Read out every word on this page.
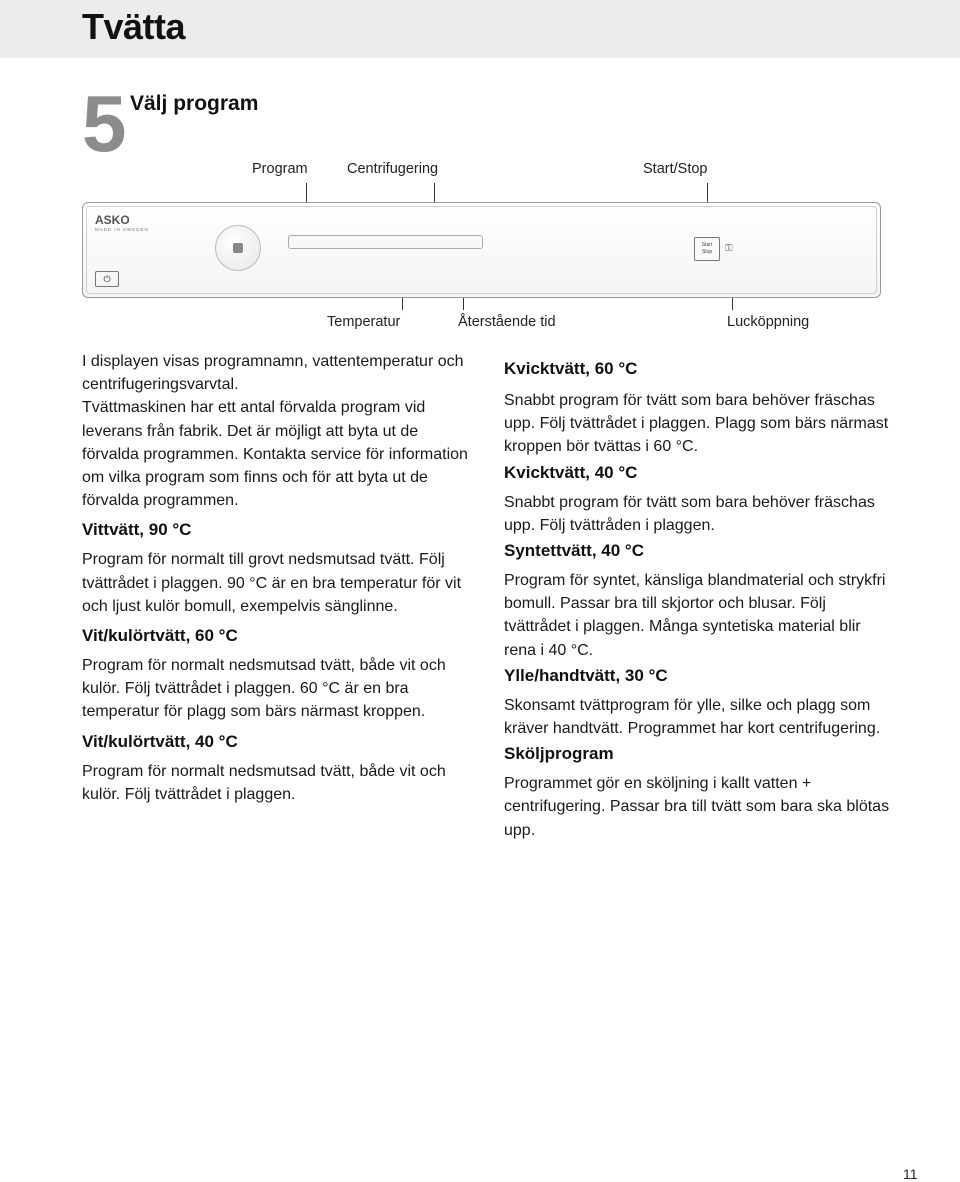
Tvätta
5 Välj program
Program	Centrifugering	Start/Stop
Temperatur	Återstående tid	Lucköppning
ASKO
MADE IN SWEDEN
Start
Stop	⚿
⏻

I displayen visas programnamn, vattentemperatur och centrifugeringsvarvtal.

Tvättmaskinen har ett antal förvalda program vid leverans från fabrik. Det är möjligt att byta ut de förvalda programmen. Kontakta service för information om vilka program som finns och för att byta ut de förvalda programmen.

Vittvätt, 90 °C

Program för normalt till grovt nedsmutsad tvätt. Följ tvättrådet i plaggen. 90 °C är en bra temperatur för vit och ljust kulör bomull, exempelvis sänglinne.

Vit/kulörtvätt, 60 °C

Program för normalt nedsmutsad tvätt, både vit och kulör. Följ tvättrådet i plaggen. 60 °C är en bra temperatur för plagg som bärs närmast kroppen.

Vit/kulörtvätt, 40 °C

Program för normalt nedsmutsad tvätt, både vit och kulör. Följ tvättrådet i plaggen.

Kvicktvätt, 60 °C

Snabbt program för tvätt som bara behöver fräschas upp. Följ tvättrådet i plaggen. Plagg som bärs närmast kroppen bör tvättas i 60 °C.

Kvicktvätt, 40 °C

Snabbt program för tvätt som bara behöver fräschas upp. Följ tvättråden i plaggen.

Syntettvätt, 40 °C

Program för syntet, känsliga blandmaterial och strykfri bomull. Passar bra till skjortor och blusar. Följ tvättrådet i plaggen. Många syntetiska material blir rena i 40 °C.

Ylle/handtvätt, 30 °C

Skonsamt tvättprogram för ylle, silke och plagg som kräver handtvätt. Programmet har kort centrifugering.

Sköljprogram

Programmet gör en sköljning i kallt vatten + centrifugering. Passar bra till tvätt som bara ska blötas upp.

11
